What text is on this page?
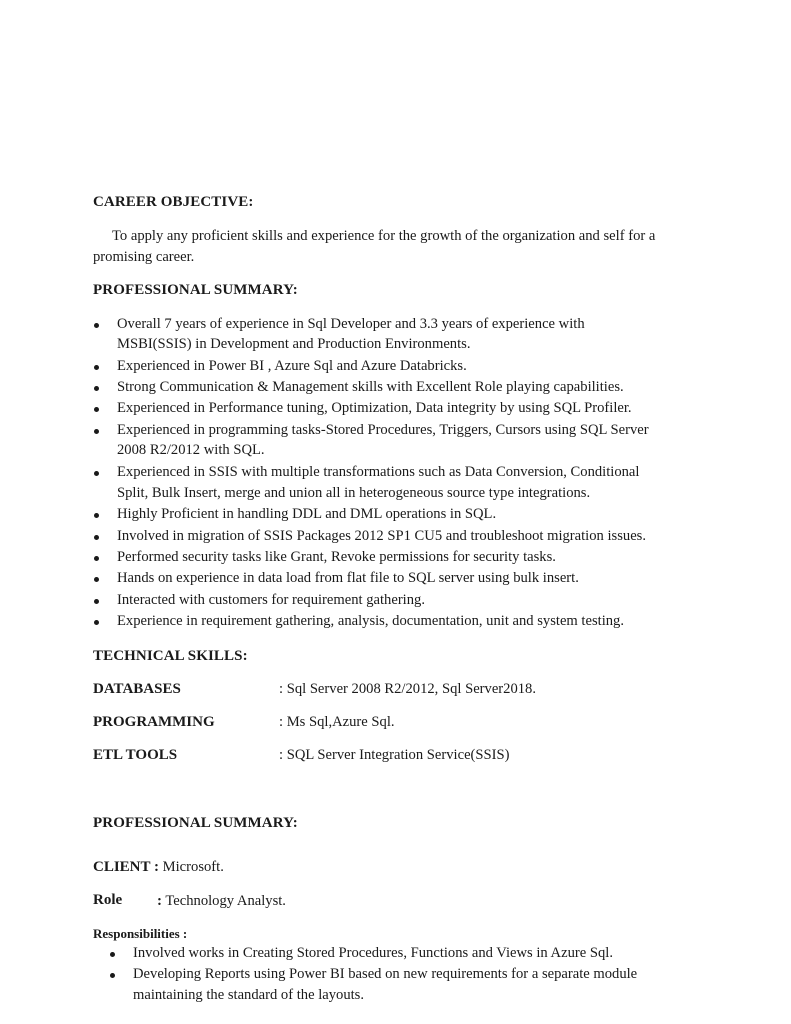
CAREER OBJECTIVE:
To apply any proficient skills and experience for the growth of the organization and self for a
promising career.
PROFESSIONAL SUMMARY:
Overall 7 years of experience in Sql Developer and 3.3 years of experience with
MSBI(SSIS) in Development and Production Environments.
Experienced in Power BI , Azure Sql and Azure Databricks.
Strong Communication & Management skills with Excellent Role playing capabilities.
Experienced in Performance tuning, Optimization, Data integrity by using SQL Profiler.
Experienced in programming tasks-Stored Procedures, Triggers, Cursors using SQL Server
2008 R2/2012 with SQL.
Experienced in SSIS with multiple transformations such as Data Conversion, Conditional
Split, Bulk Insert, merge and union all in heterogeneous source type integrations.
Highly Proficient in handling DDL and DML operations in SQL.
Involved in migration of SSIS Packages 2012 SP1 CU5 and troubleshoot migration issues.
Performed security tasks like Grant, Revoke permissions for security tasks.
Hands on experience in data load from flat file to SQL server using bulk insert.
Interacted with customers for requirement gathering.
Experience in requirement gathering, analysis, documentation, unit and system testing.
TECHNICAL SKILLS:
DATABASES	: Sql Server 2008 R2/2012, Sql Server2018.
PROGRAMMING	: Ms Sql,Azure Sql.
ETL TOOLS	: SQL Server Integration Service(SSIS)
PROFESSIONAL SUMMARY:
CLIENT : Microsoft.
Role : Technology Analyst.
Responsibilities :
Involved works in Creating Stored Procedures, Functions and Views in Azure Sql.
Developing Reports using Power BI based on new requirements for a separate module
maintaining the standard of the layouts.
